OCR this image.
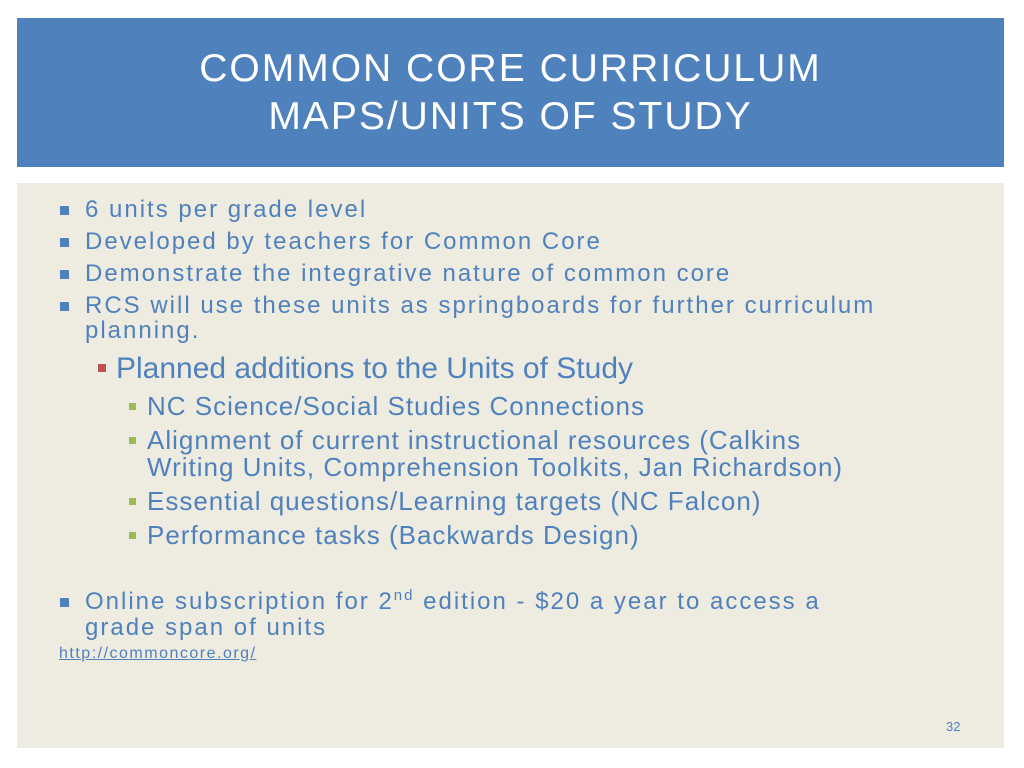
COMMON CORE CURRICULUM
MAPS/UNITS OF STUDY
6 units per grade level
Developed by teachers for Common Core
Demonstrate the integrative nature of common core
RCS will use these units as springboards for further curriculum
planning.
Planned additions to the Units of Study
NC Science/Social Studies Connections
Alignment of current instructional resources (Calkins
Writing Units, Comprehension Toolkits, Jan Richardson)
Essential questions/Learning targets (NC Falcon)
Performance tasks (Backwards Design)
Online subscription for 2nd edition - $20 a year to access a
grade span of units
http://commoncore.org/
32
